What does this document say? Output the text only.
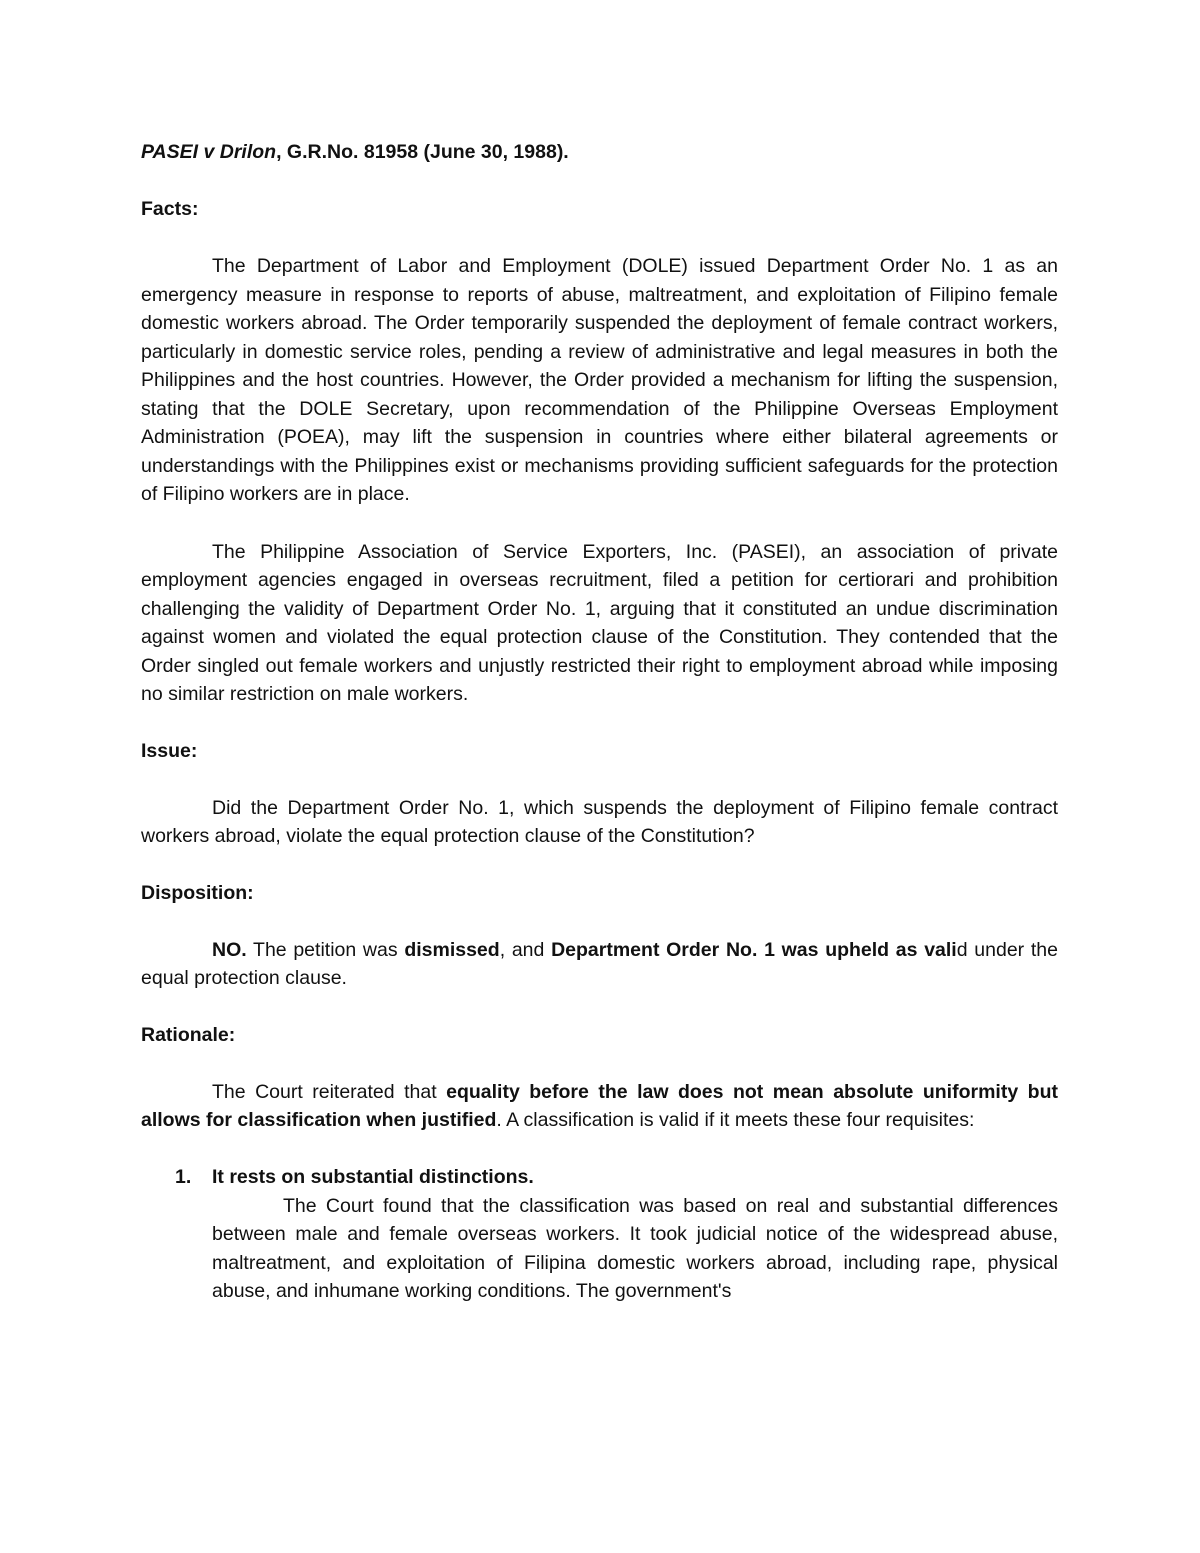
PASEI v Drilon, G.R.No. 81958 (June 30, 1988).

Facts:

The Department of Labor and Employment (DOLE) issued Department Order No. 1 as an emergency measure in response to reports of abuse, maltreatment, and exploitation of Filipino female domestic workers abroad. The Order temporarily suspended the deployment of female contract workers, particularly in domestic service roles, pending a review of administrative and legal measures in both the Philippines and the host countries. However, the Order provided a mechanism for lifting the suspension, stating that the DOLE Secretary, upon recommendation of the Philippine Overseas Employment Administration (POEA), may lift the suspension in countries where either bilateral agreements or understandings with the Philippines exist or mechanisms providing sufficient safeguards for the protection of Filipino workers are in place.

The Philippine Association of Service Exporters, Inc. (PASEI), an association of private employment agencies engaged in overseas recruitment, filed a petition for certiorari and prohibition challenging the validity of Department Order No. 1, arguing that it constituted an undue discrimination against women and violated the equal protection clause of the Constitution. They contended that the Order singled out female workers and unjustly restricted their right to employment abroad while imposing no similar restriction on male workers.

Issue:

Did the Department Order No. 1, which suspends the deployment of Filipino female contract workers abroad, violate the equal protection clause of the Constitution?

Disposition:

NO. The petition was dismissed, and Department Order No. 1 was upheld as valid under the equal protection clause.

Rationale:

The Court reiterated that equality before the law does not mean absolute uniformity but allows for classification when justified. A classification is valid if it meets these four requisites:

1. It rests on substantial distinctions.

The Court found that the classification was based on real and substantial differences between male and female overseas workers. It took judicial notice of the widespread abuse, maltreatment, and exploitation of Filipina domestic workers abroad, including rape, physical abuse, and inhumane working conditions. The government's
